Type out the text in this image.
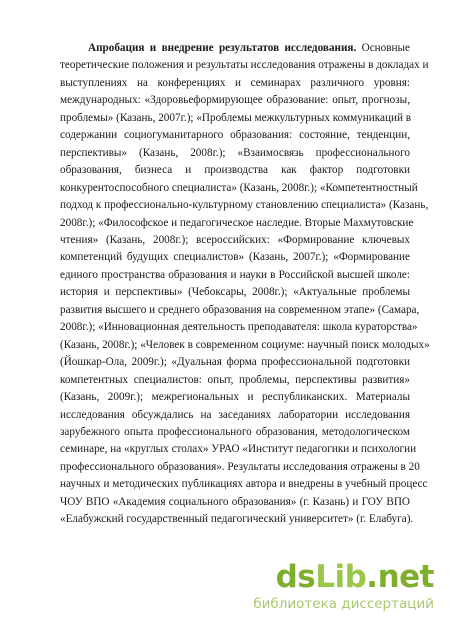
Апробация и внедрение результатов исследования. Основные
теоретические положения и результаты исследования отражены в докладах и
выступлениях на конференциях и семинарах различного уровня:
международных: «Здоровьеформирующее образование: опыт, прогнозы,
проблемы» (Казань, 2007г.); «Проблемы межкультурных коммуникаций в
содержании социогуманитарного образования: состояние, тенденции,
перспективы» (Казань, 2008г.); «Взаимосвязь профессионального
образования, бизнеса и производства как фактор подготовки
конкурентоспособного специалиста» (Казань, 2008г.); «Компетентностный
подход к профессионально-культурному становлению специалиста» (Казань,
2008г.); «Философское и педагогическое наследие. Вторые Махмутовские
чтения» (Казань, 2008г.); всероссийских: «Формирование ключевых
компетенций будущих специалистов» (Казань, 2007г.); «Формирование
единого пространства образования и науки в Российской высшей школе:
история и перспективы» (Чебоксары, 2008г.); «Актуальные проблемы
развития высшего и среднего образования на современном этапе» (Самара,
2008г.); «Инновационная деятельность преподавателя: школа кураторства»
(Казань, 2008г.); «Человек в современном социуме: научный поиск молодых»
(Йошкар-Ола, 2009г.); «Дуальная форма профессиональной подготовки
компетентных специалистов: опыт, проблемы, перспективы развития»
(Казань, 2009г.); межрегиональных и республиканских. Материалы
исследования обсуждались на заседаниях лаборатории исследования
зарубежного опыта профессионального образования, методологическом
семинаре, на «круглых столах» УРАО «Институт педагогики и психологии
профессионального образования». Результаты исследования отражены в 20
научных и методических публикациях автора и внедрены в учебный процесс
ЧОУ ВПО «Академия социального образования» (г. Казань) и ГОУ ВПО
«Елабужский государственный педагогический университет» (г. Елабуга).
dsLib.net
библиотека диссертаций
